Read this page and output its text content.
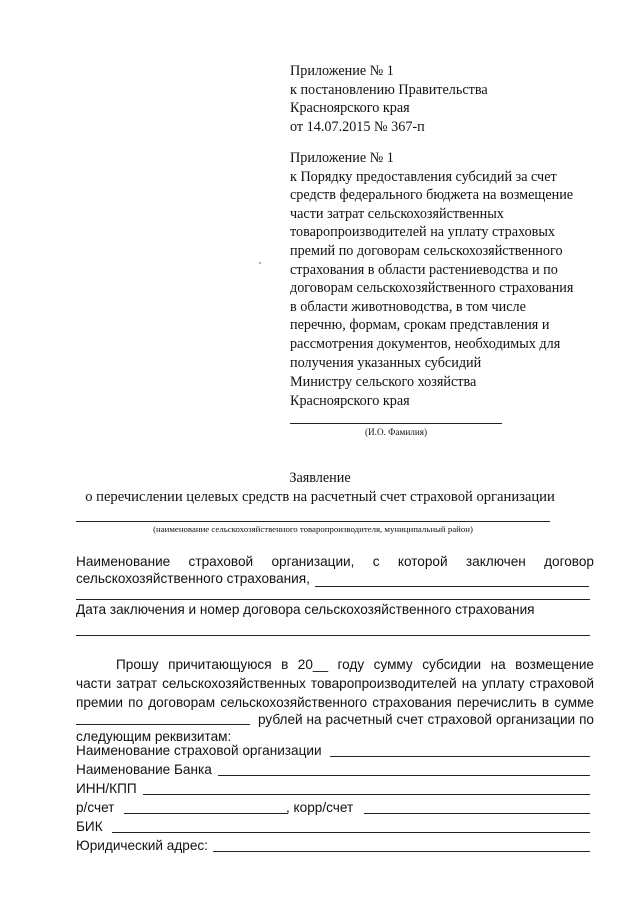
Приложение № 1
к постановлению Правительства
Красноярского края
от 14.07.2015 № 367-п
Приложение № 1
к Порядку предоставления субсидий за счет
средств федерального бюджета на возмещение
части затрат сельскохозяйственных
товаропроизводителей на уплату страховых
премий по договорам сельскохозяйственного
страхования в области растениеводства и по
договорам сельскохозяйственного страхования
в области животноводства, в том числе
перечню, формам, срокам представления и
рассмотрения документов, необходимых для
получения указанных субсидий
Министру сельского хозяйства
Красноярского края
(И.О. Фамилия)
Заявление
о перечислении целевых средств на расчетный счет страховой организации
(наименование сельскохозяйственного товаропроизводителя, муниципальный район)
Наименование страховой организации, с которой заключен договор
сельскохозяйственного страхования,
Дата заключения и номер договора сельскохозяйственного страхования
Прошу причитающуюся в 20__ году сумму субсидии на возмещение
части затрат сельскохозяйственных товаропроизводителей на уплату страховой
премии по договорам сельскохозяйственного страхования перечислить в сумме
рублей на расчетный счет страховой организации по
следующим реквизитам:
Наименование страховой организации
Наименование Банка
ИНН/КПП
р/счет	, корр/счет
БИК
Юридический адрес:
